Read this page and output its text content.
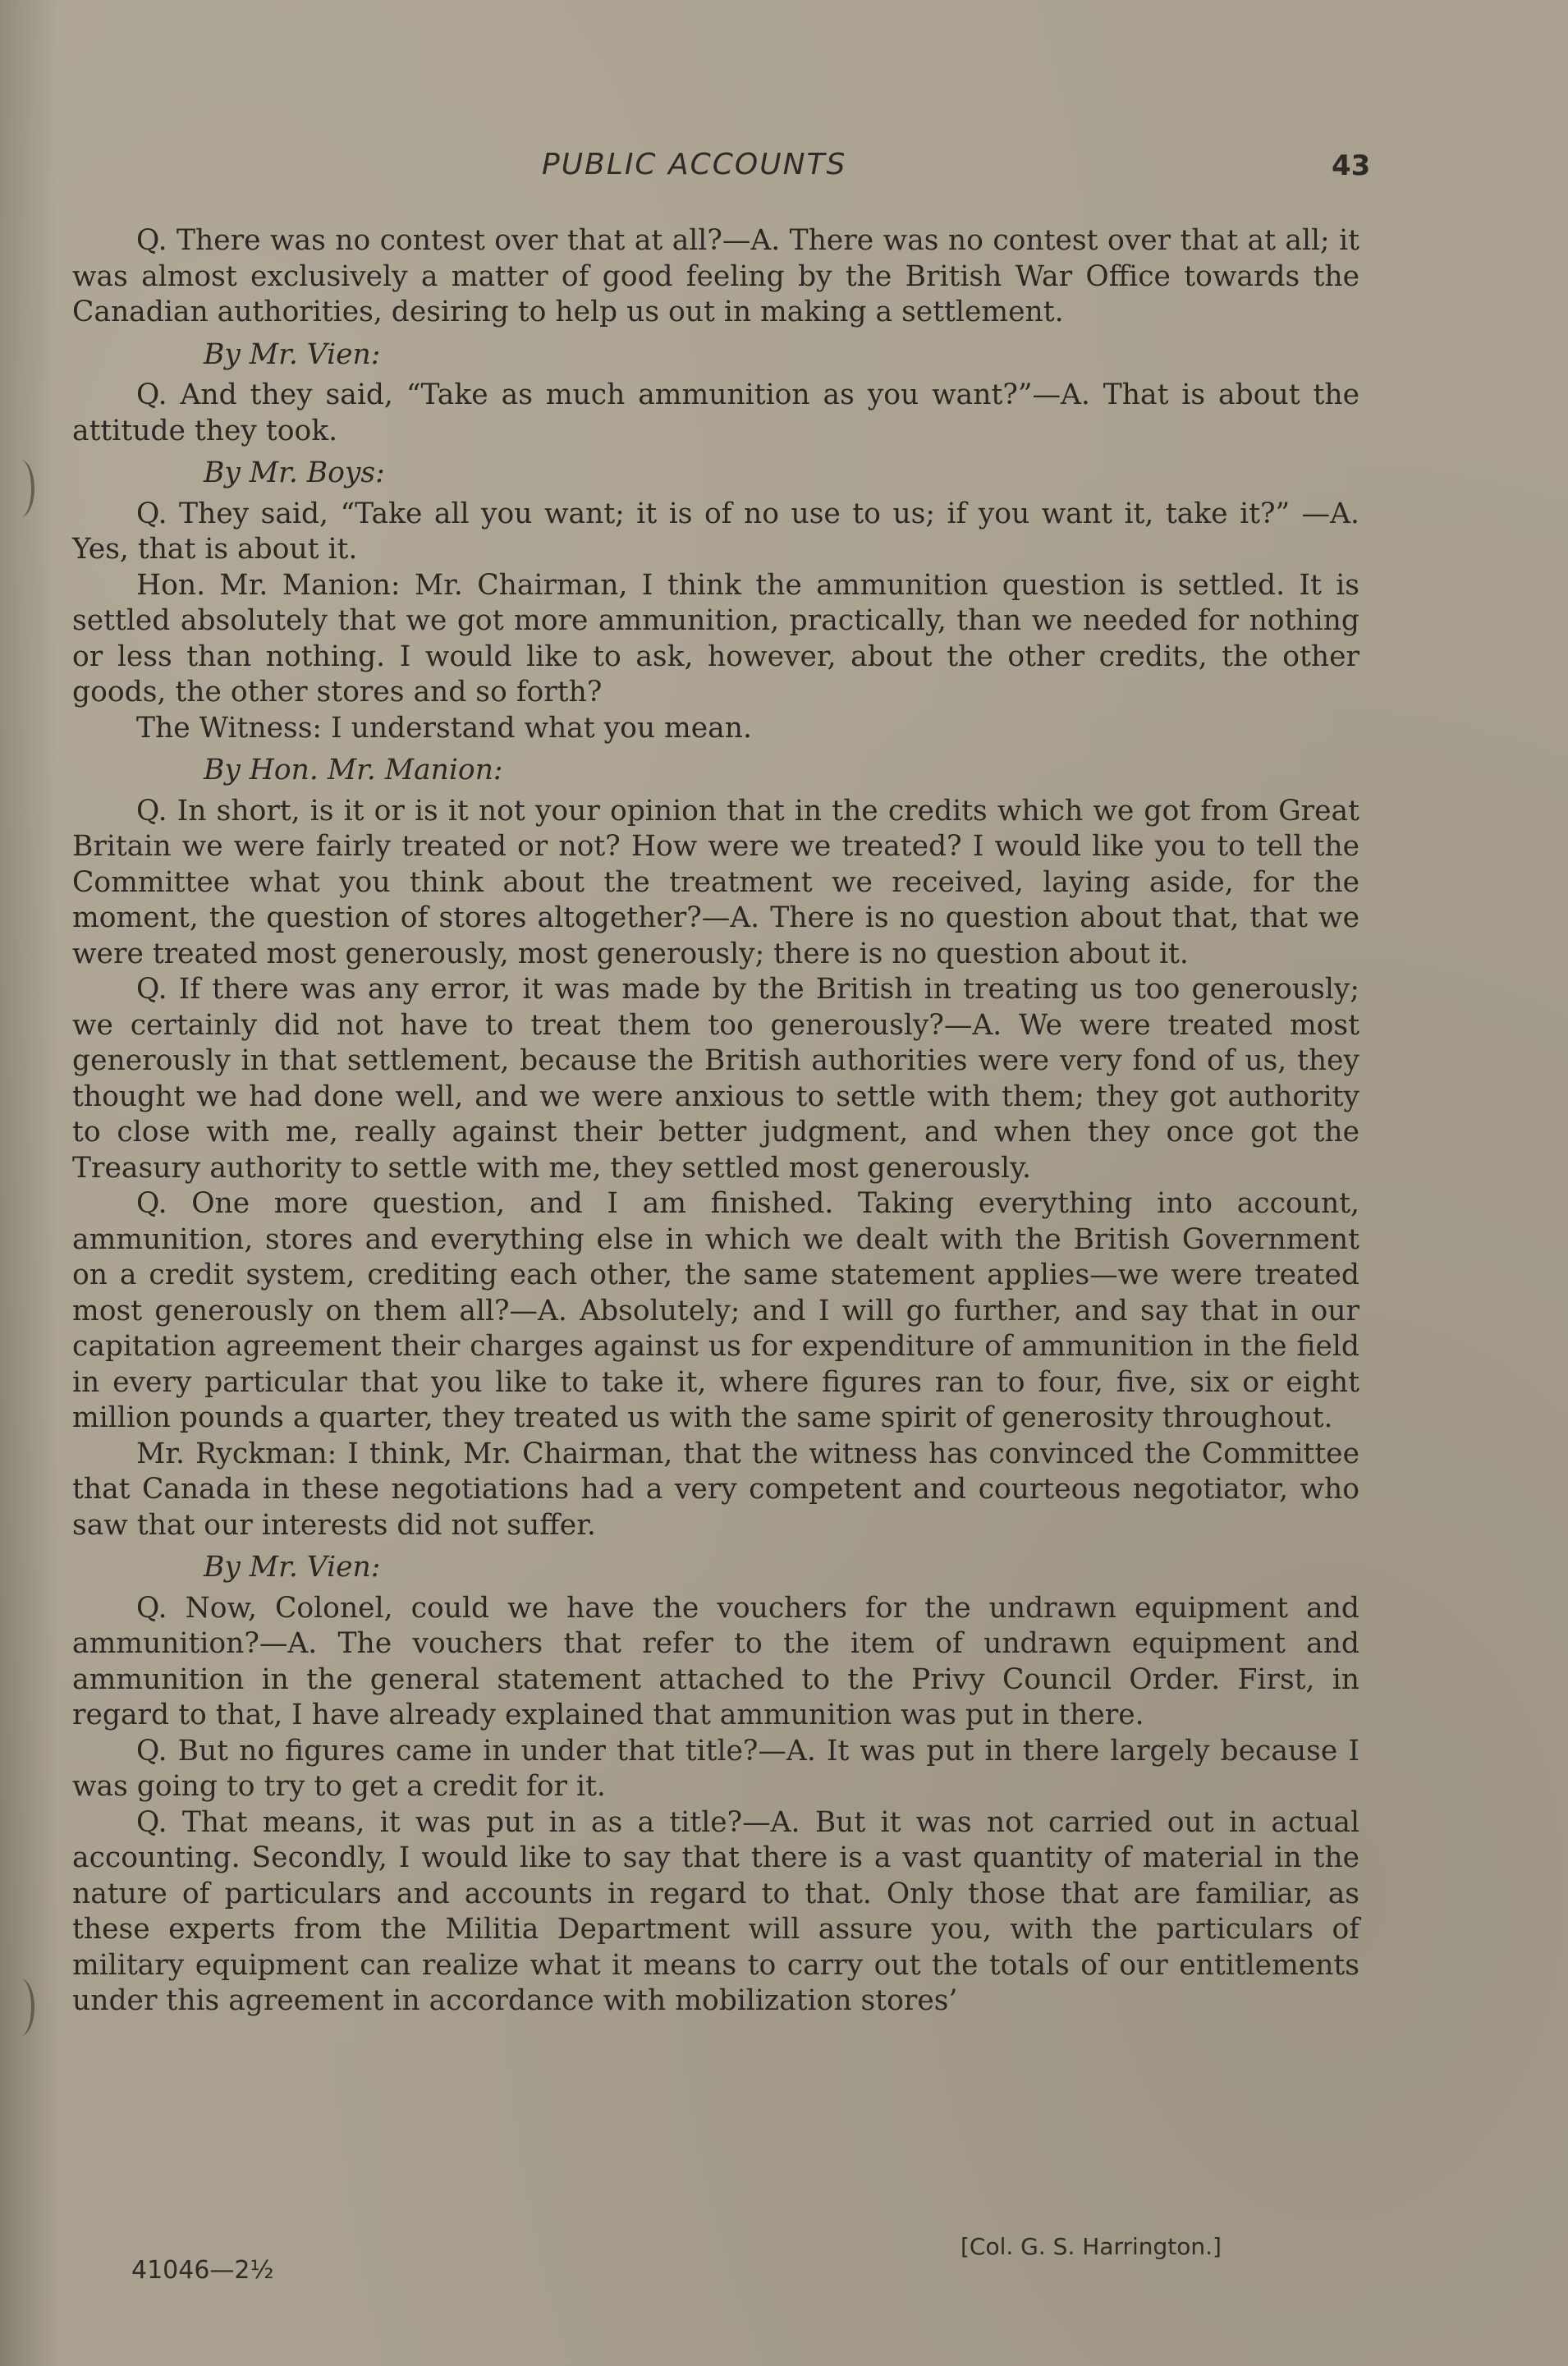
PUBLIC ACCOUNTS	43

Q. There was no contest over that at all?—A. There was no contest over that at all; it was almost exclusively a matter of good feeling by the British War Office towards the Canadian authorities, desiring to help us out in making a settlement.

By Mr. Vien:

Q. And they said, “Take as much ammunition as you want?”—A. That is about the attitude they took.

By Mr. Boys:

Q. They said, “Take all you want; it is of no use to us; if you want it, take it?” —A. Yes, that is about it.

Hon. Mr. Manion: Mr. Chairman, I think the ammunition question is settled. It is settled absolutely that we got more ammunition, practically, than we needed for nothing or less than nothing. I would like to ask, however, about the other credits, the other goods, the other stores and so forth?

The Witness: I understand what you mean.

By Hon. Mr. Manion:

Q. In short, is it or is it not your opinion that in the credits which we got from Great Britain we were fairly treated or not? How were we treated? I would like you to tell the Committee what you think about the treatment we received, laying aside, for the moment, the question of stores altogether?—A. There is no question about that, that we were treated most generously, most generously; there is no question about it.

Q. If there was any error, it was made by the British in treating us too generously; we certainly did not have to treat them too generously?—A. We were treated most generously in that settlement, because the British authorities were very fond of us, they thought we had done well, and we were anxious to settle with them; they got authority to close with me, really against their better judgment, and when they once got the Treasury authority to settle with me, they settled most generously.

Q. One more question, and I am finished. Taking everything into account, ammunition, stores and everything else in which we dealt with the British Government on a credit system, crediting each other, the same statement applies—we were treated most generously on them all?—A. Absolutely; and I will go further, and say that in our capitation agreement their charges against us for expenditure of ammunition in the field in every particular that you like to take it, where figures ran to four, five, six or eight million pounds a quarter, they treated us with the same spirit of generosity throughout.

Mr. Ryckman: I think, Mr. Chairman, that the witness has convinced the Committee that Canada in these negotiations had a very competent and courteous negotiator, who saw that our interests did not suffer.

By Mr. Vien:

Q. Now, Colonel, could we have the vouchers for the undrawn equipment and ammunition?—A. The vouchers that refer to the item of undrawn equipment and ammunition in the general statement attached to the Privy Council Order. First, in regard to that, I have already explained that ammunition was put in there.

Q. But no figures came in under that title?—A. It was put in there largely because I was going to try to get a credit for it.

Q. That means, it was put in as a title?—A. But it was not carried out in actual accounting. Secondly, I would like to say that there is a vast quantity of material in the nature of particulars and accounts in regard to that. Only those that are familiar, as these experts from the Militia Department will assure you, with the particulars of military equipment can realize what it means to carry out the totals of our entitlements under this agreement in accordance with mobilization stores’

[Col. G. S. Harrington.]
41046—2½
